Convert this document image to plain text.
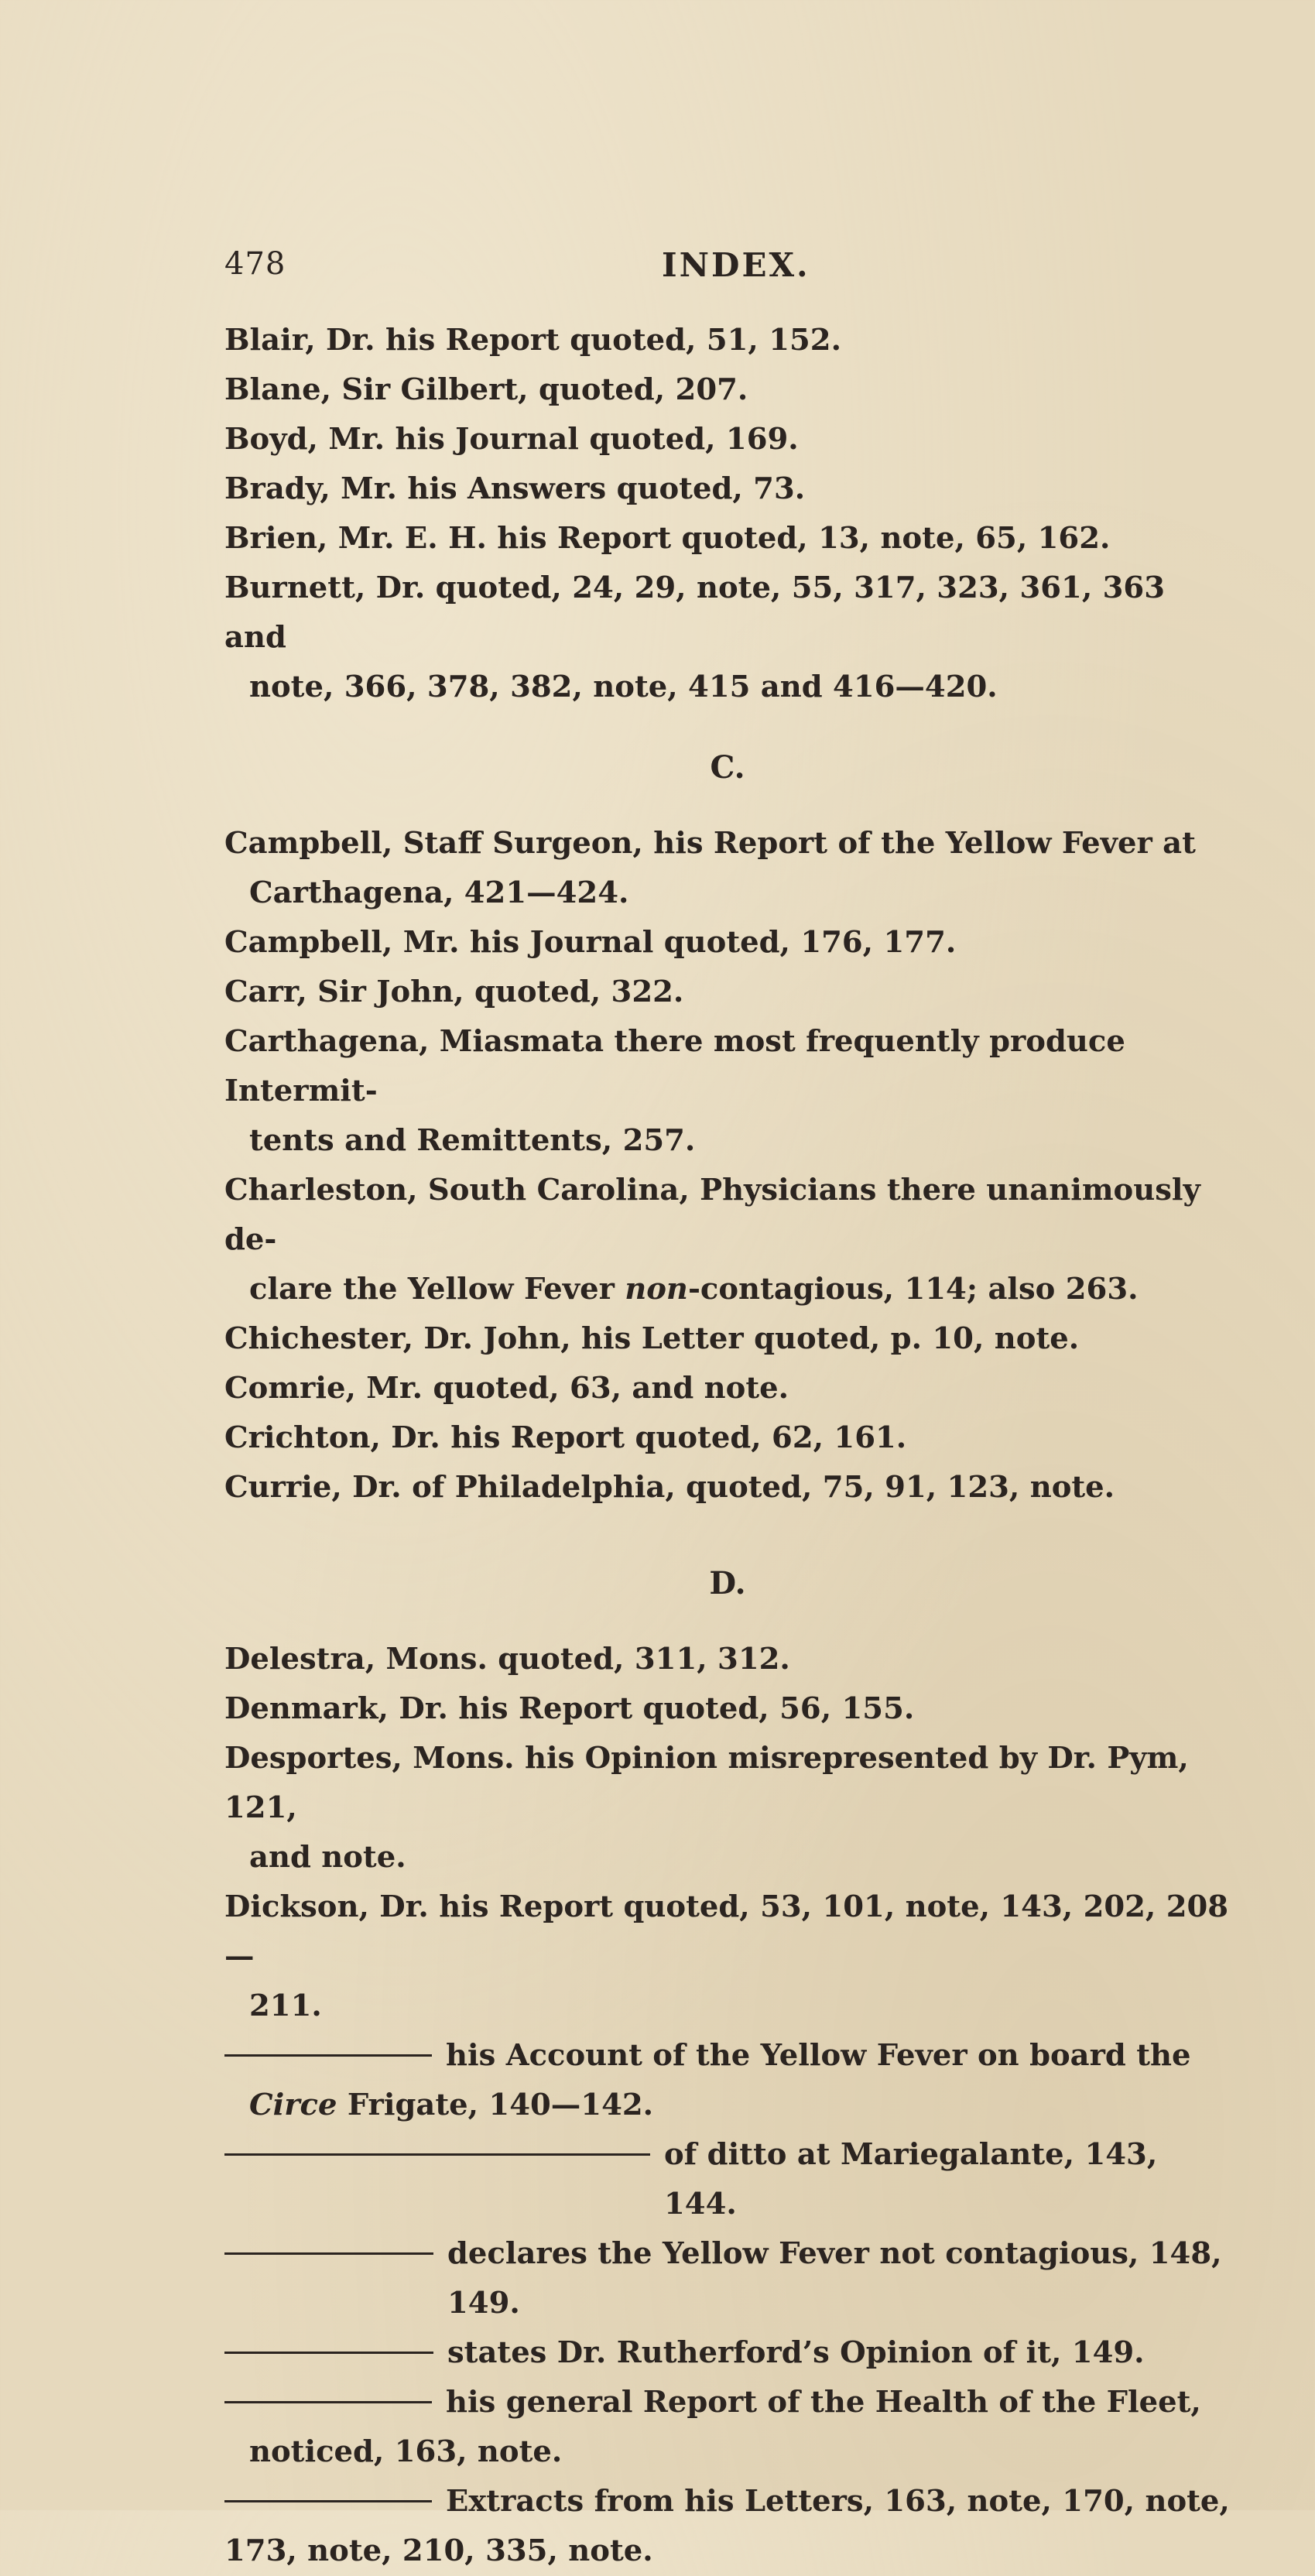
478	INDEX.

Blair, Dr. his Report quoted, 51, 152.

Blane, Sir Gilbert, quoted, 207.

Boyd, Mr. his Journal quoted, 169.

Brady, Mr. his Answers quoted, 73.

Brien, Mr. E. H. his Report quoted, 13, note, 65, 162.

Burnett, Dr. quoted, 24, 29, note, 55, 317, 323, 361, 363 and
note, 366, 378, 382, note, 415 and 416—420.

C.

Campbell, Staff Surgeon, his Report of the Yellow Fever at
Carthagena, 421—424.

Campbell, Mr. his Journal quoted, 176, 177.

Carr, Sir John, quoted, 322.

Carthagena, Miasmata there most frequently produce Intermit-
tents and Remittents, 257.

Charleston, South Carolina, Physicians there unanimously de-
clare the Yellow Fever non-contagious, 114; also 263.

Chichester, Dr. John, his Letter quoted, p. 10, note.

Comrie, Mr. quoted, 63, and note.

Crichton, Dr. his Report quoted, 62, 161.

Currie, Dr. of Philadelphia, quoted, 75, 91, 123, note.

D.

Delestra, Mons. quoted, 311, 312.

Denmark, Dr. his Report quoted, 56, 155.

Desportes, Mons. his Opinion misrepresented by Dr. Pym, 121,
and note.

Dickson, Dr. his Report quoted, 53, 101, note, 143, 202, 208—
211.

his Account of the Yellow Fever on board the
Circe Frigate, 140—142.
of ditto at Mariegalante, 143, 144.
declares the Yellow Fever not contagious, 148, 149.
states Dr. Rutherford’s Opinion of it, 149.
his general Report of the Health of the Fleet,
noticed, 163, note.
Extracts from his Letters, 163, note, 170, note,
173, note, 210, 335, note.
